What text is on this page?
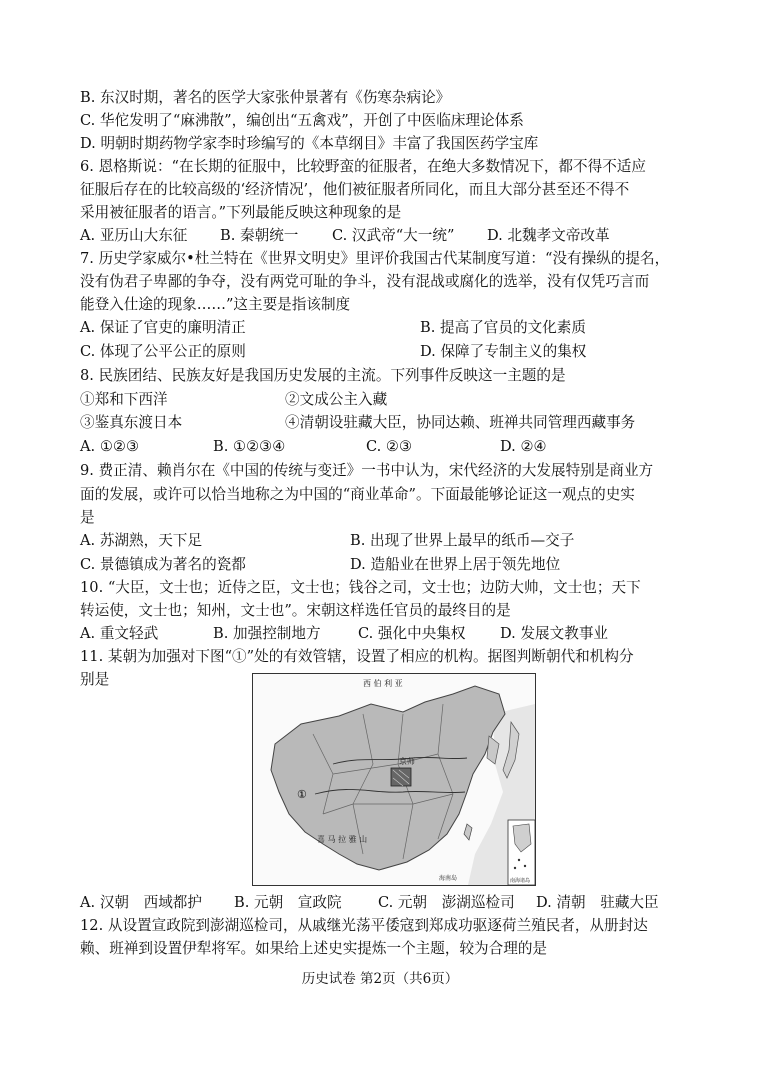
B. 东汉时期，著名的医学大家张仲景著有《伤寒杂病论》
C. 华佗发明了“麻沸散”，编创出“五禽戏”，开创了中医临床理论体系
D. 明朝时期药物学家李时珍编写的《本草纲目》丰富了我国医药学宝库
6. 恩格斯说：“在长期的征服中，比较野蛮的征服者，在绝大多数情况下，都不得不适应
征服后存在的比较高级的‘经济情况’，他们被征服者所同化，而且大部分甚至还不得不
采用被征服者的语言。”下列最能反映这种现象的是
A. 亚历山大东征 B. 秦朝统一 C. 汉武帝“大一统” D. 北魏孝文帝改革
7. 历史学家威尔•杜兰特在《世界文明史》里评价我国古代某制度写道：“没有操纵的提名，
没有伪君子卑鄙的争夺，没有两党可耻的争斗，没有混战或腐化的选举，没有仅凭巧言而
能登入仕途的现象……”这主要是指该制度
A. 保证了官吏的廉明清正	B. 提高了官员的文化素质
C. 体现了公平公正的原则	D. 保障了专制主义的集权
8. 民族团结、民族友好是我国历史发展的主流。下列事件反映这一主题的是
①郑和下西洋	②文成公主入藏
③鉴真东渡日本	④清朝设驻藏大臣，协同达赖、班禅共同管理西藏事务
A. ①②③	B. ①②③④	C. ②③	D. ②④
9. 费正清、赖肖尔在《中国的传统与变迁》一书中认为，宋代经济的大发展特别是商业方
面的发展，或许可以恰当地称之为中国的“商业革命”。下面最能够论证这一观点的史实
是
A. 苏湖熟，天下足	B. 出现了世界上最早的纸币—交子
C. 景德镇成为著名的瓷都	D. 造船业在世界上居于领先地位
10. “大臣，文士也；近侍之臣，文士也；钱谷之司，文士也；边防大帅，文士也；天下
转运使，文士也；知州，文士也”。宋朝这样选任官员的最终目的是
A. 重文轻武	B. 加强控制地方	C. 强化中央集权 D. 发展文教事业
11. 某朝为加强对下图“①”处的有效管辖，设置了相应的机构。据图判断朝代和机构分
别是	西 伯 利 亚
京师
①
喜 马 拉 雅 山
海南岛	南海诸岛
A. 汉朝　西域都护 B. 元朝　宣政院 C. 元朝　澎湖巡检司 D. 清朝　驻藏大臣
12. 从设置宣政院到澎湖巡检司，从戚继光荡平倭寇到郑成功驱逐荷兰殖民者，从册封达
赖、班禅到设置伊犁将军。如果给上述史实提炼一个主题，较为合理的是
历史试卷 第2页（共6页）
